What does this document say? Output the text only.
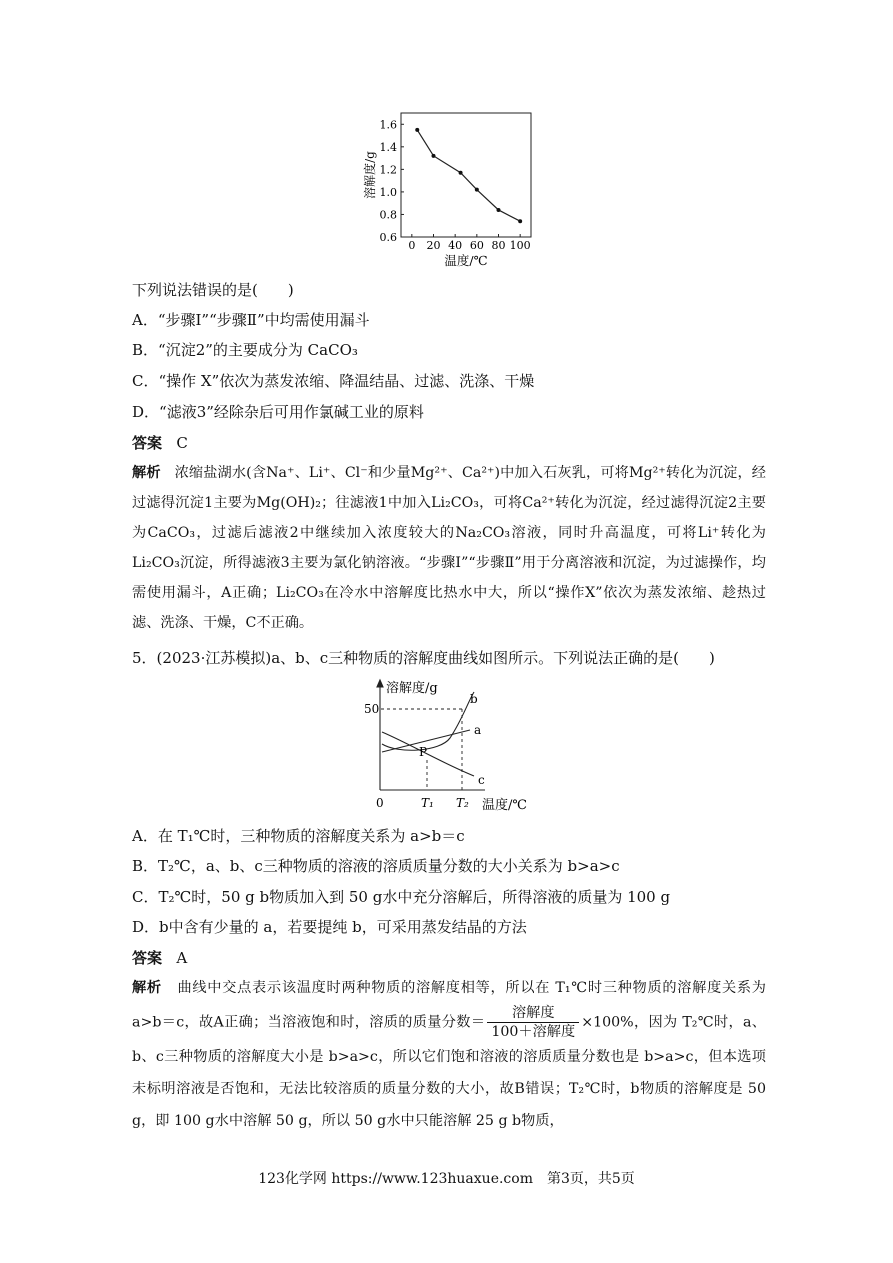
0 20 40 60 80 100
1.6
1.4
1.2
1.0
0.8
0.6
溶解度/g
温度/℃
下列说法错误的是(　　)
A．“步骤Ⅰ”“步骤Ⅱ”中均需使用漏斗
B．“沉淀2”的主要成分为 CaCO₃
C．“操作 X”依次为蒸发浓缩、降温结晶、过滤、洗涤、干燥
D．“滤液3”经除杂后可用作氯碱工业的原料
答案 C
解析 浓缩盐湖水(含Na⁺、Li⁺、Cl⁻和少量Mg²⁺、Ca²⁺)中加入石灰乳，可将Mg²⁺转化为沉淀，经过滤得沉淀1主要为Mg(OH)₂；往滤液1中加入Li₂CO₃，可将Ca²⁺转化为沉淀，经过滤得沉淀2主要为CaCO₃，过滤后滤液2中继续加入浓度较大的Na₂CO₃溶液，同时升高温度，可将Li⁺转化为Li₂CO₃沉淀，所得滤液3主要为氯化钠溶液。“步骤Ⅰ”“步骤Ⅱ”用于分离溶液和沉淀，为过滤操作，均需使用漏斗，A正确；Li₂CO₃在冷水中溶解度比热水中大，所以“操作X”依次为蒸发浓缩、趁热过滤、洗涤、干燥，C不正确。
5．(2023·江苏模拟)a、b、c三种物质的溶解度曲线如图所示。下列说法正确的是(　　)
溶解度/g
50
0	T₁ T₂ 温度/℃
b
a
c
P
A．在 T₁℃时，三种物质的溶解度关系为 a>b＝c
B．T₂℃，a、b、c三种物质的溶液的溶质质量分数的大小关系为 b>a>c
C．T₂℃时，50 g b物质加入到 50 g水中充分溶解后，所得溶液的质量为 100 g
D．b中含有少量的 a，若要提纯 b，可采用蒸发结晶的方法
答案 A
解析 曲线中交点表示该温度时两种物质的溶解度相等，所以在 T₁℃时三种物质的溶解度关系为 a>b＝c，故A正确；当溶液饱和时，溶质的质量分数＝ $\frac{\text{溶解度}}{\text{100＋溶解度}} \times 100\%$，因为 T₂℃时，a、b、c三种物质的溶解度大小是 b>a>c，所以它们饱和溶液的溶质质量分数也是 b>a>c，但本选项未标明溶液是否饱和，无法比较溶质的质量分数的大小，故B错误；T₂℃时，b物质的溶解度是 50 g，即 100 g水中溶解 50 g，所以 50 g水中只能溶解 25 g b物质，
123化学网 https://www.123huaxue.com　第3页，共5页
